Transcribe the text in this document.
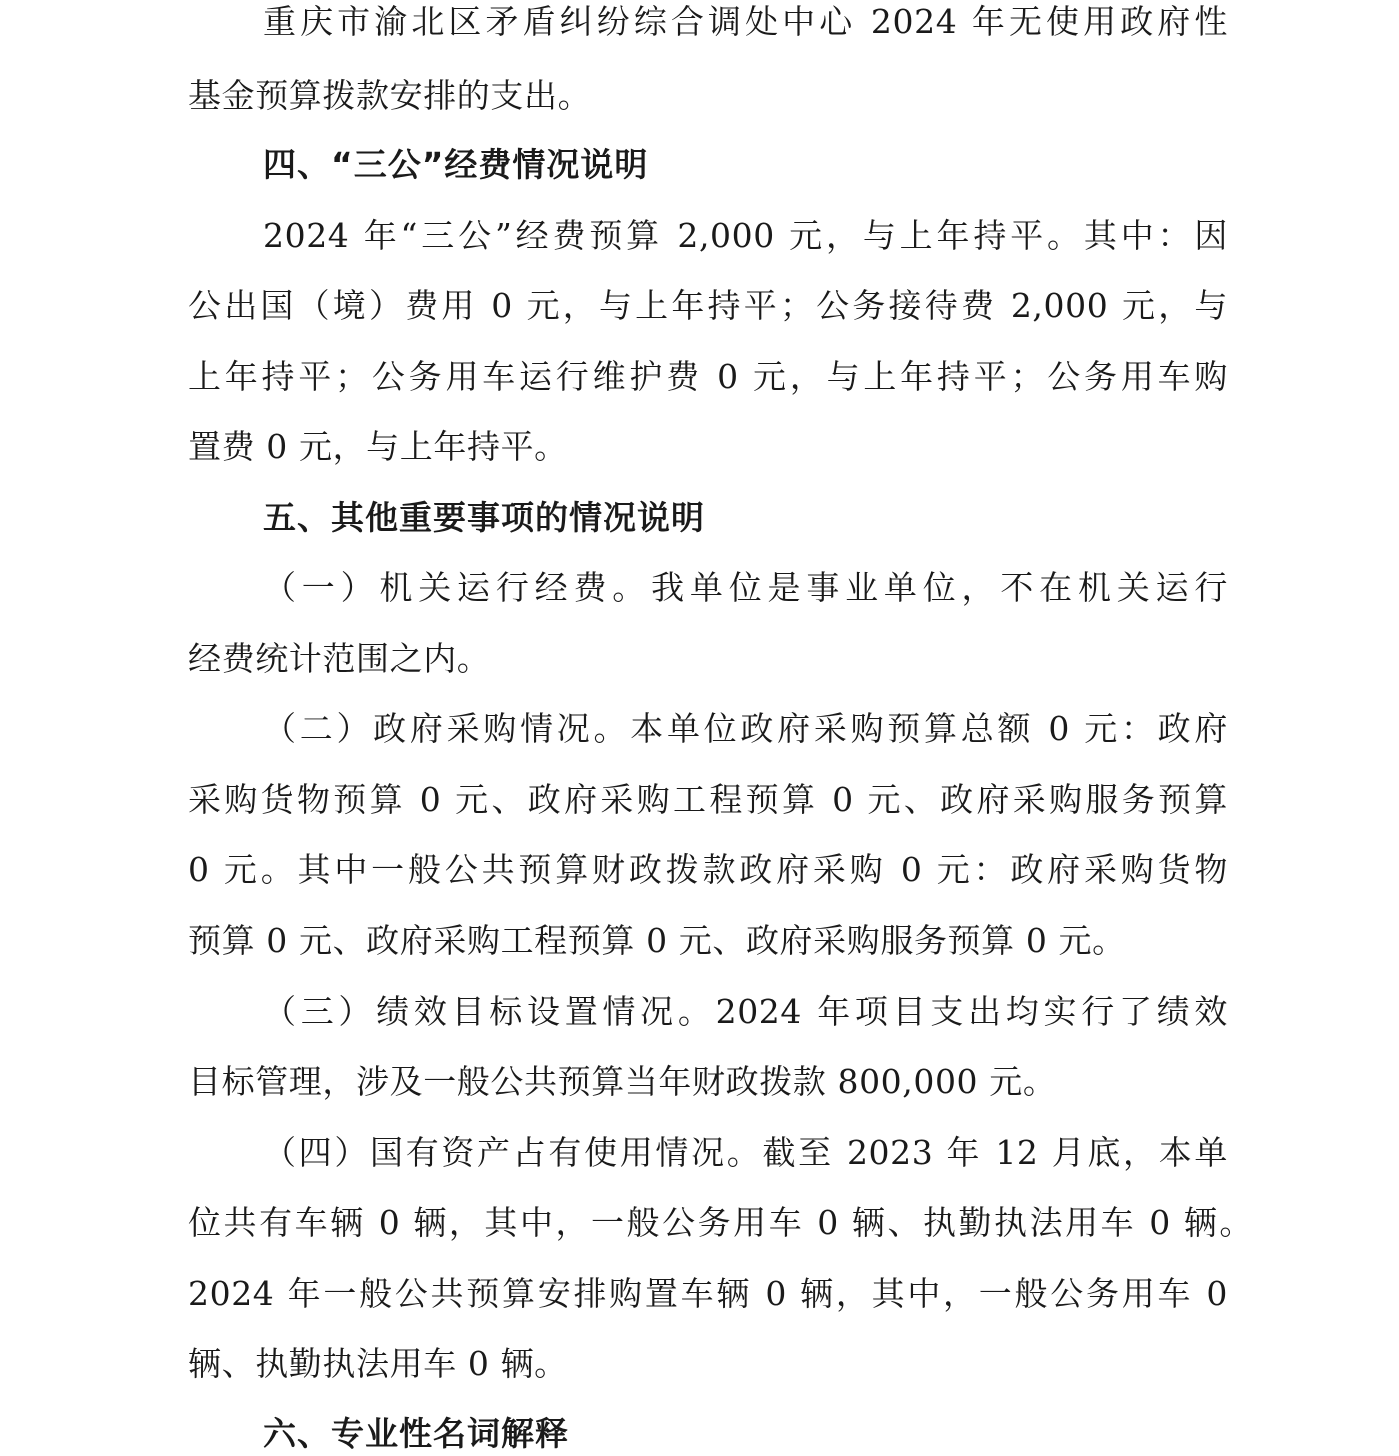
重庆市渝北区矛盾纠纷综合调处中心 2024 年无使用政府性
基金预算拨款安排的支出。
四、“三公”经费情况说明
2024 年“三公”经费预算 2,000 元，与上年持平。其中：因
公出国（境）费用 0 元，与上年持平；公务接待费 2,000 元，与
上年持平；公务用车运行维护费 0 元，与上年持平；公务用车购
置费 0 元，与上年持平。
五、其他重要事项的情况说明
（一）机关运行经费。我单位是事业单位，不在机关运行
经费统计范围之内。
（二）政府采购情况。本单位政府采购预算总额 0 元：政府
采购货物预算 0 元、政府采购工程预算 0 元、政府采购服务预算
0 元。其中一般公共预算财政拨款政府采购 0 元：政府采购货物
预算 0 元、政府采购工程预算 0 元、政府采购服务预算 0 元。
（三）绩效目标设置情况。2024 年项目支出均实行了绩效
目标管理，涉及一般公共预算当年财政拨款 800,000 元。
（四）国有资产占有使用情况。截至 2023 年 12 月底，本单
位共有车辆 0 辆，其中，一般公务用车 0 辆、执勤执法用车 0 辆。
2024 年一般公共预算安排购置车辆 0 辆，其中，一般公务用车 0
辆、执勤执法用车 0 辆。
六、专业性名词解释
